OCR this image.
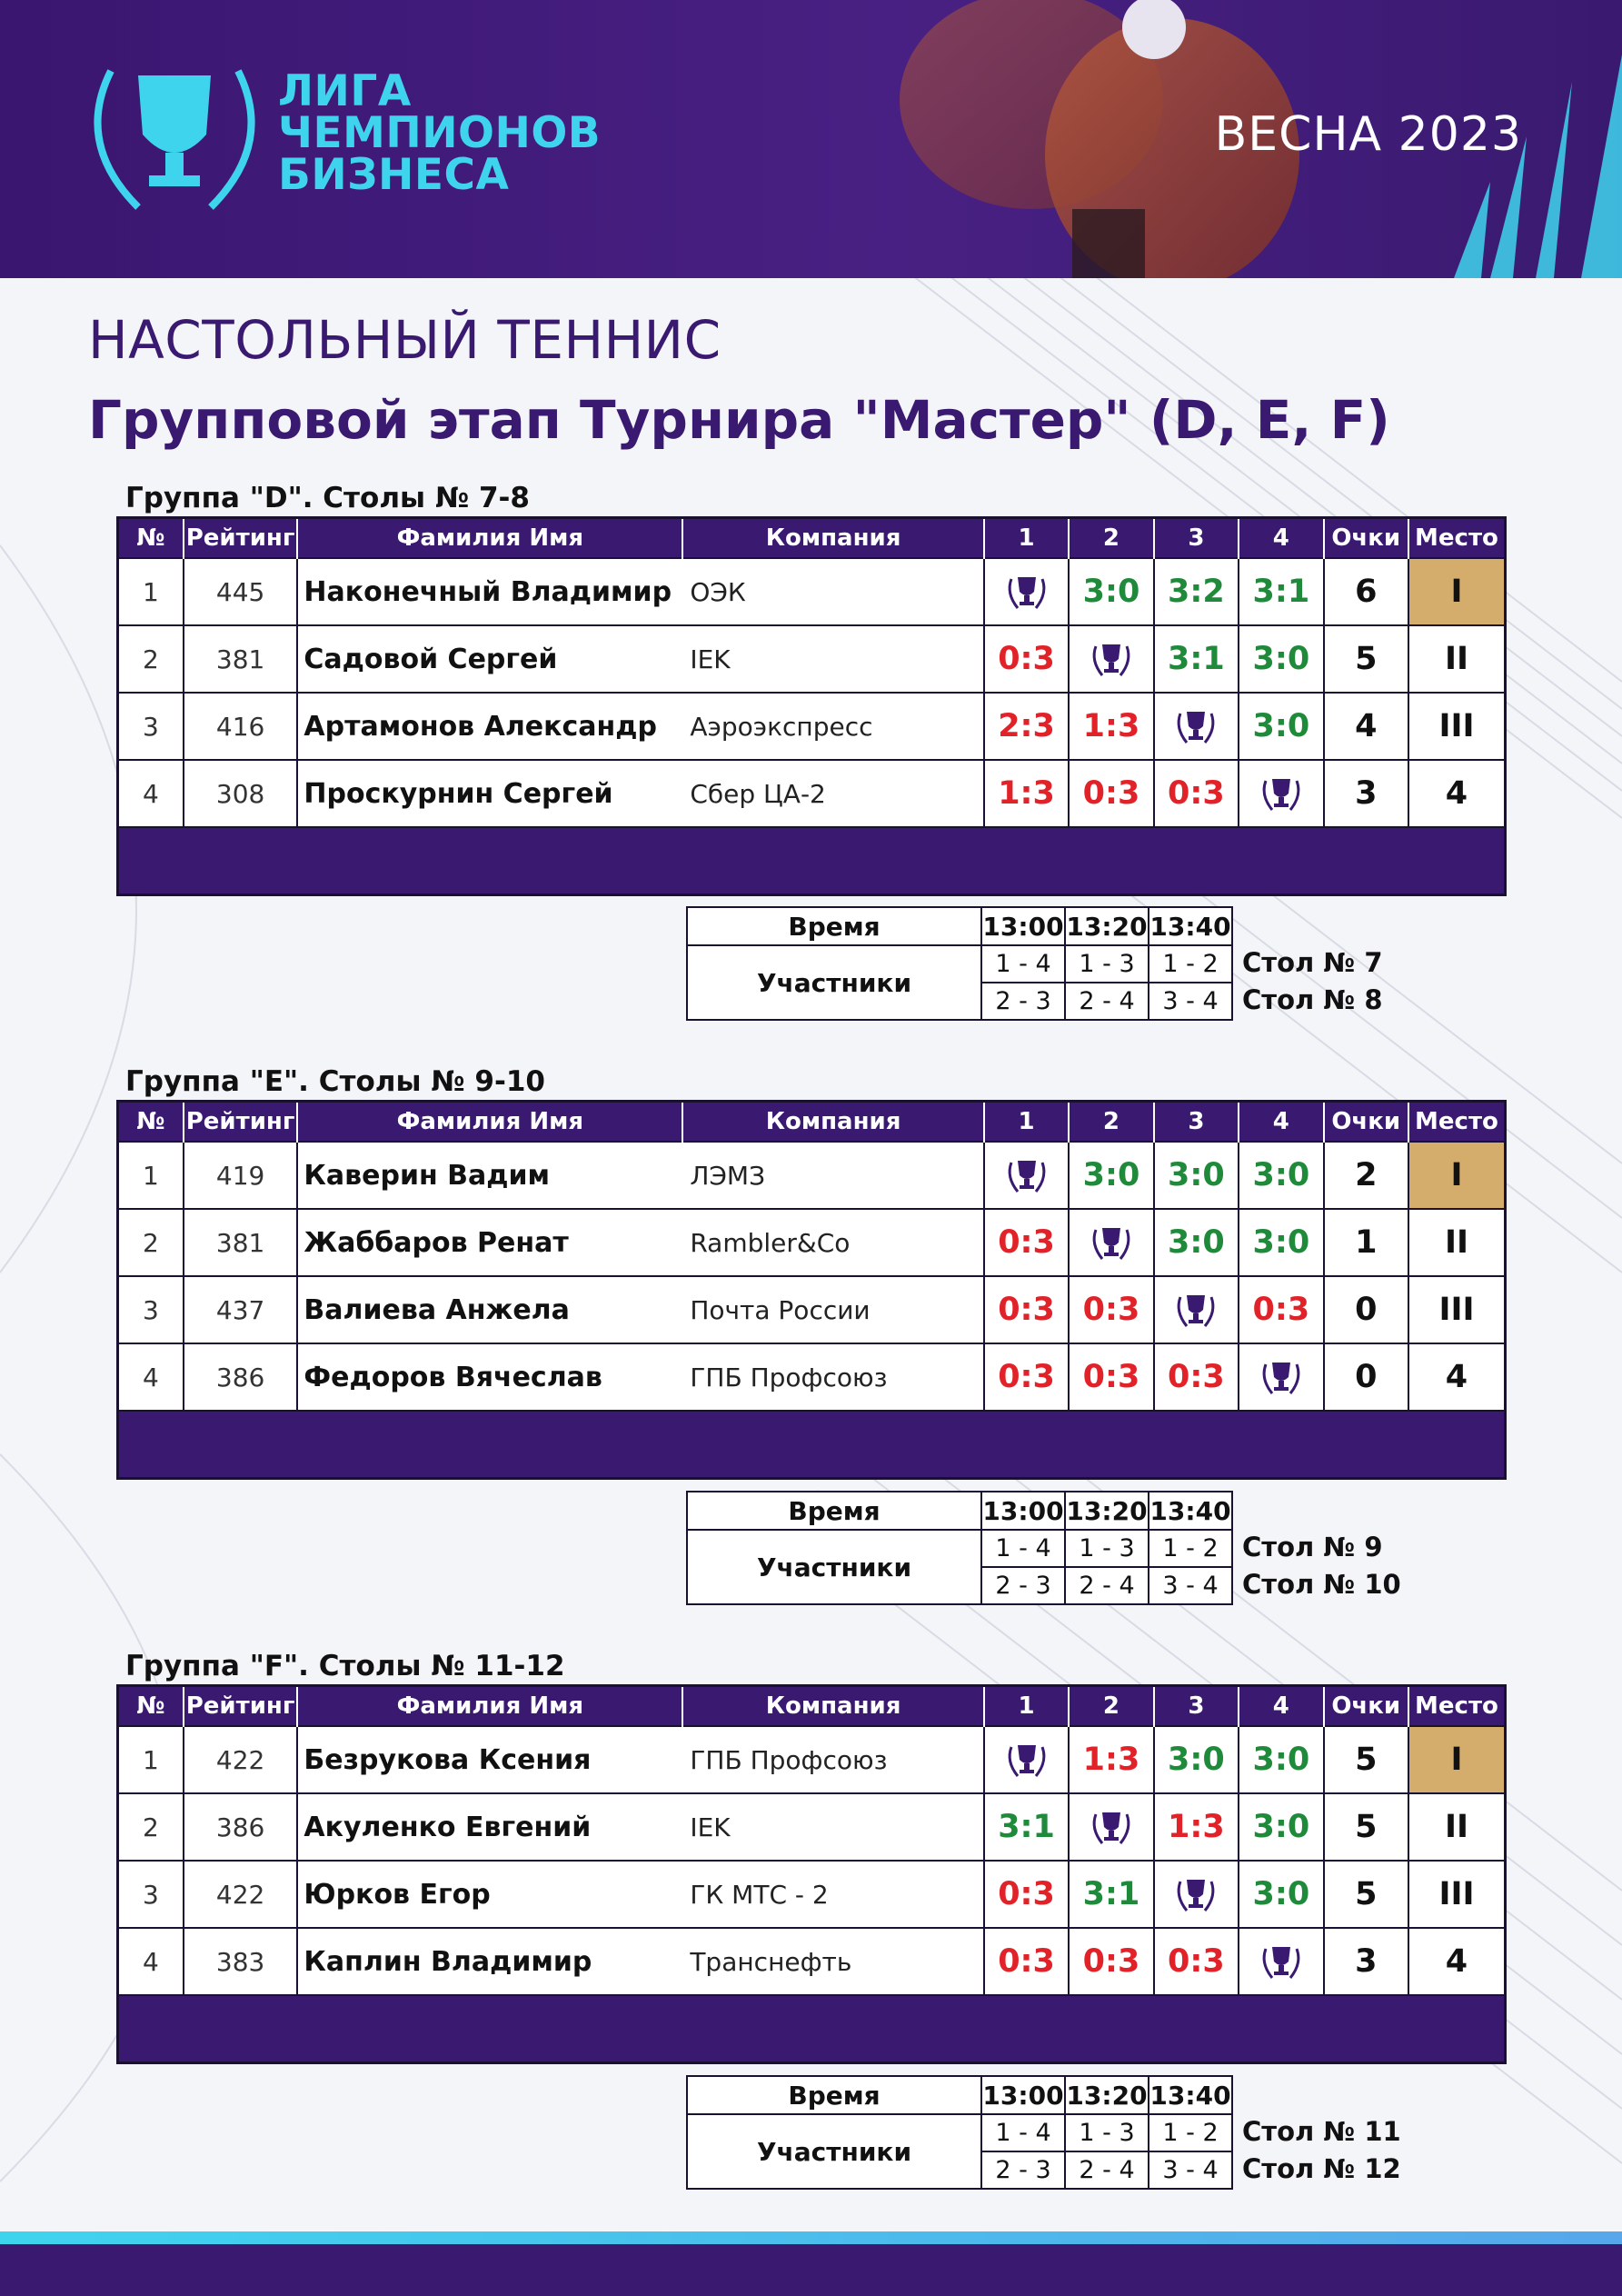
ЛИГА
ЧЕМПИОНОВ
БИЗНЕСА
ВЕСНА 2023
НАСТОЛЬНЫЙ ТЕННИС
Групповой этап Турнира "Мастер" (D, E, F)
Группа "D". Столы № 7-8
№	Рейтинг	Фамилия Имя	Компания	1	2	3	4	Очки	Место
1	445	Наконечный Владимир	ОЭК		3:0	3:2	3:1	6	I
2	381	Садовой Сергей	IEK	0:3		3:1	3:0	5	II
3	416	Артамонов Александр	Аэроэкспресс	2:3	1:3		3:0	4	III
4	308	Проскурнин Сергей	Сбер ЦА-2	1:3	0:3	0:3		3	4

Время	13:00	13:20	13:40
Участники	1 - 4	1 - 3	1 - 2
	2 - 3	2 - 4	3 - 4
Стол № 7
Стол № 8
Группа "E". Столы № 9-10
№	Рейтинг	Фамилия Имя	Компания	1	2	3	4	Очки	Место
1	419	Каверин Вадим	ЛЭМЗ		3:0	3:0	3:0	2	I
2	381	Жаббаров Ренат	Rambler&Co	0:3		3:0	3:0	1	II
3	437	Валиева Анжела	Почта России	0:3	0:3		0:3	0	III
4	386	Федоров Вячеслав	ГПБ Профсоюз	0:3	0:3	0:3		0	4

Время	13:00	13:20	13:40
Участники	1 - 4	1 - 3	1 - 2
	2 - 3	2 - 4	3 - 4
Стол № 9
Стол № 10
Группа "F". Столы № 11-12
№	Рейтинг	Фамилия Имя	Компания	1	2	3	4	Очки	Место
1	422	Безрукова Ксения	ГПБ Профсоюз		1:3	3:0	3:0	5	I
2	386	Акуленко Евгений	IEK	3:1		1:3	3:0	5	II
3	422	Юрков Егор	ГК МТС - 2	0:3	3:1		3:0	5	III
4	383	Каплин Владимир	Транснефть	0:3	0:3	0:3		3	4

Время	13:00	13:20	13:40
Участники	1 - 4	1 - 3	1 - 2
	2 - 3	2 - 4	3 - 4
Стол № 11
Стол № 12
